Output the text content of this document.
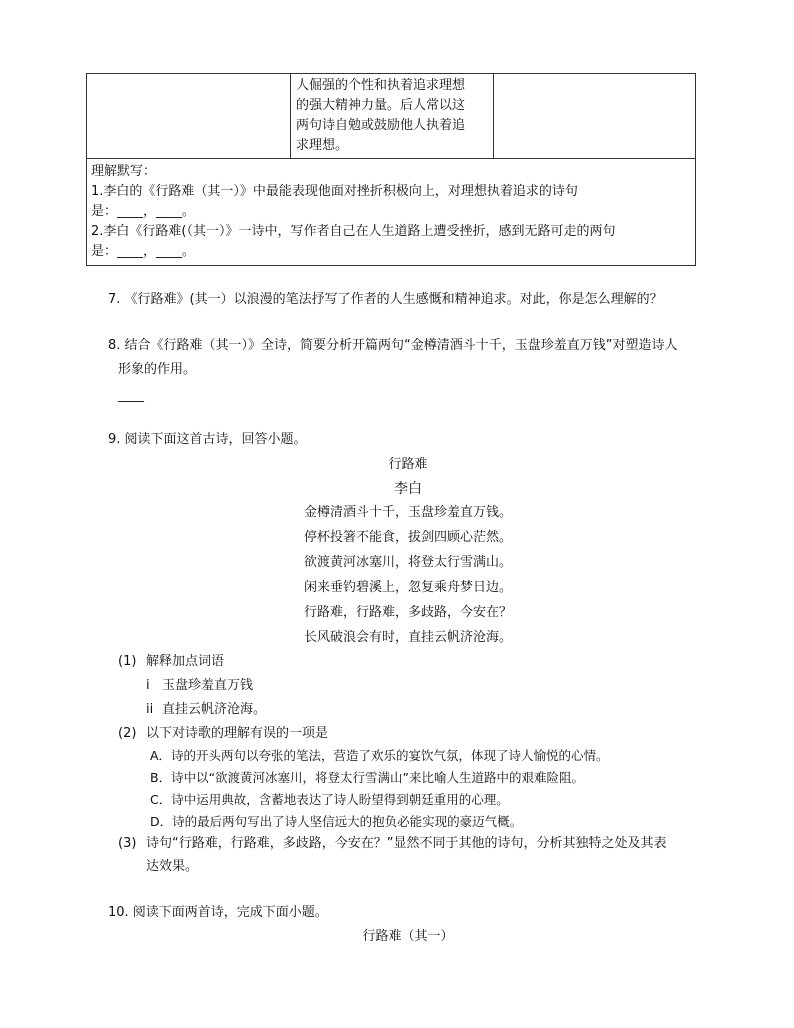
人倔强的个性和执着追求理想
的强大精神力量。后人常以这
两句诗自勉或鼓励他人执着追
求理想。
理解默写：
1.李白的《行路难（其一）》中最能表现他面对挫折积极向上，对理想执着追求的诗句
是：____，____。
2.李白《行路难(（其一）》一诗中，写作者自己在人生道路上遭受挫折，感到无路可走的两句
是：____，____。
7. 《行路难》(其一）以浪漫的笔法抒写了作者的人生感慨和精神追求。对此，你是怎么理解的？
8. 结合《行路难（其一）》全诗，简要分析开篇两句“金樽清酒斗十千，玉盘珍羞直万钱”对塑造诗人
形象的作用。
____
9. 阅读下面这首古诗，回答小题。
行路难
李白
金樽清酒斗十千，玉盘珍羞直万钱。
停杯投箸不能食，拔剑四顾心茫然。
欲渡黄河冰塞川，将登太行雪满山。
闲来垂钓碧溪上，忽复乘舟梦日边。
行路难，行路难，多歧路，今安在？
长风破浪会有时，直挂云帆济沧海。
(1) 解释加点词语
i 玉盘珍羞直万钱
ii 直挂云帆济沧海。
(2) 以下对诗歌的理解有误的一项是
A．诗的开头两句以夸张的笔法，营造了欢乐的宴饮气氛，体现了诗人愉悦的心情。
B．诗中以“欲渡黄河冰塞川，将登太行雪满山”来比喻人生道路中的艰难险阻。
C．诗中运用典故，含蓄地表达了诗人盼望得到朝廷重用的心理。
D．诗的最后两句写出了诗人坚信远大的抱负必能实现的豪迈气概。
(3) 诗句“行路难，行路难，多歧路，今安在？”显然不同于其他的诗句，分析其独特之处及其表
达效果。
10. 阅读下面两首诗，完成下面小题。
行路难（其一）
